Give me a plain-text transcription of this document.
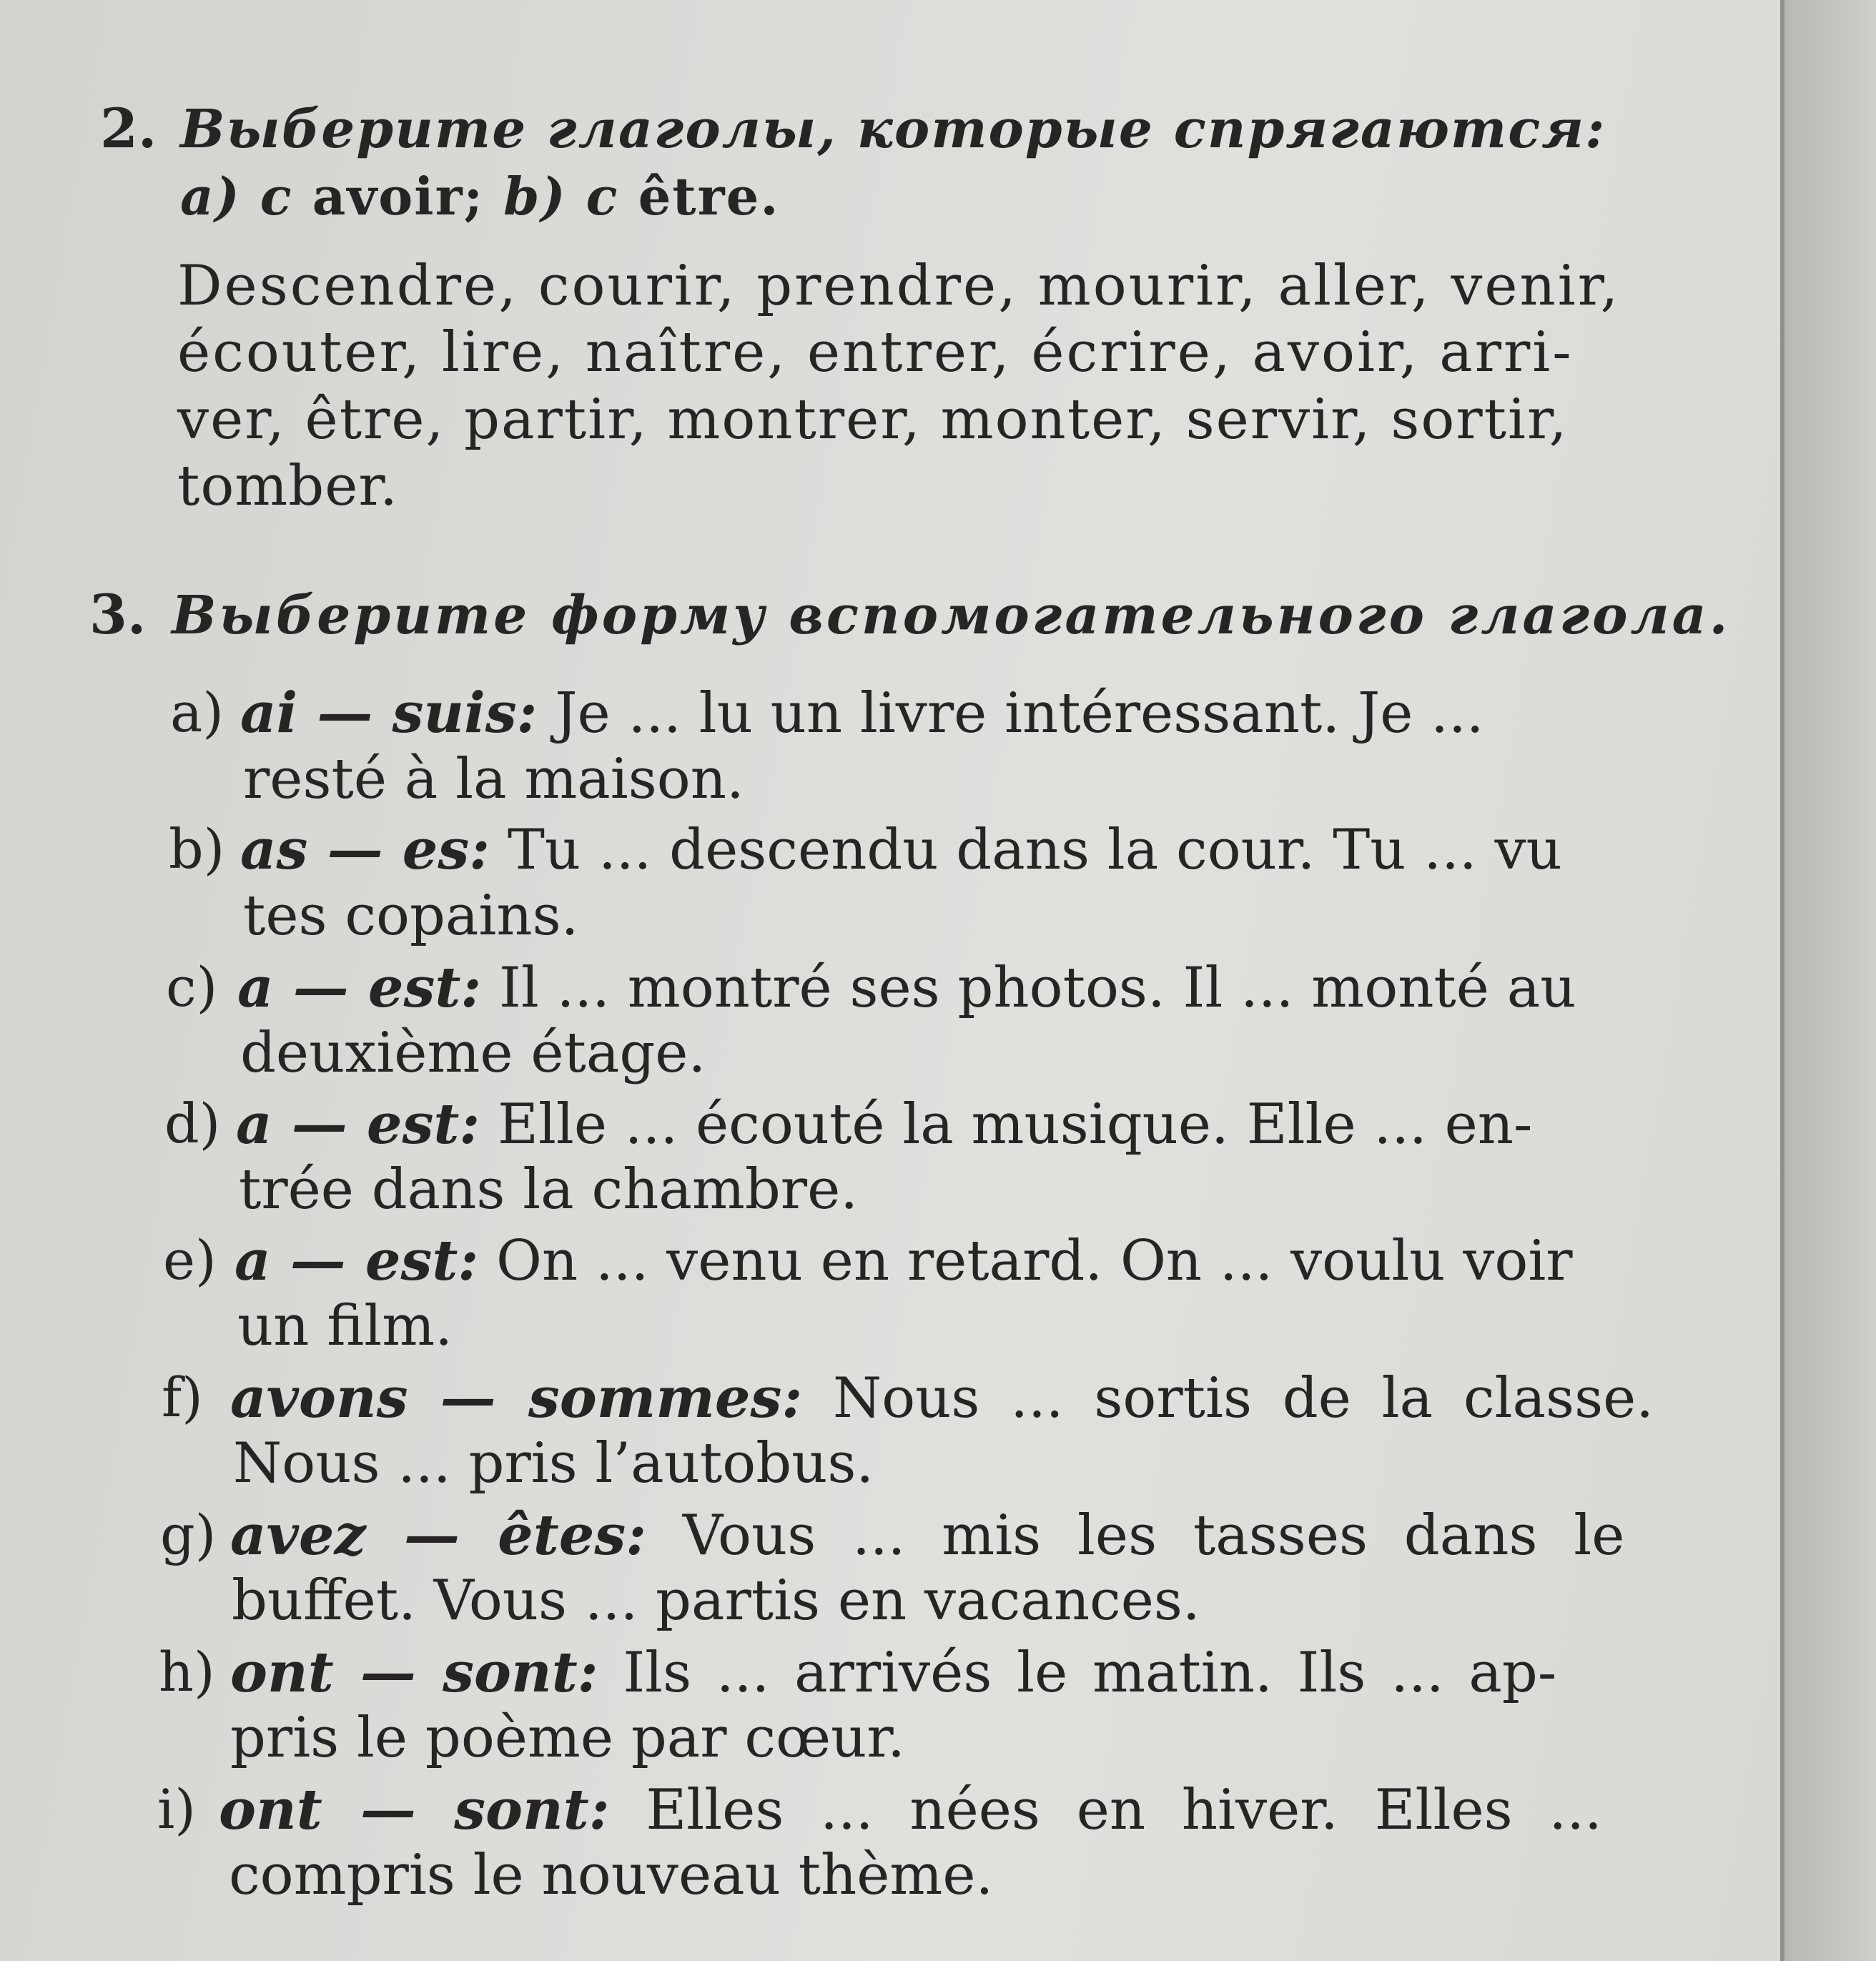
2. Выберите глаголы, которые спрягаются:
a) с avoir; b) с être.
Descendre, courir, prendre, mourir, aller, venir,
écouter, lire, naître, entrer, écrire, avoir, arri-
ver, être, partir, montrer, monter, servir, sortir,
tomber.
3. Выберите форму вспомогательного глагола.
a) ai — suis: Je ... lu un livre intéressant. Je ...
resté à la maison.
b) as — es: Tu ... descendu dans la cour. Tu ... vu
tes copains.
c) a — est: Il ... montré ses photos. Il ... monté au
deuxième étage.
d) a — est: Elle ... écouté la musique. Elle ... en-
trée dans la chambre.
e) a — est: On ... venu en retard. On ... voulu voir
un film.
f) avons — sommes: Nous ... sortis de la classe.
Nous ... pris l’autobus.
g) avez — êtes: Vous ... mis les tasses dans le
buffet. Vous ... partis en vacances.
h) ont — sont: Ils ... arrivés le matin. Ils ... ap-
pris le poème par cœur.
i) ont — sont: Elles ... nées en hiver. Elles ...
compris le nouveau thème.
